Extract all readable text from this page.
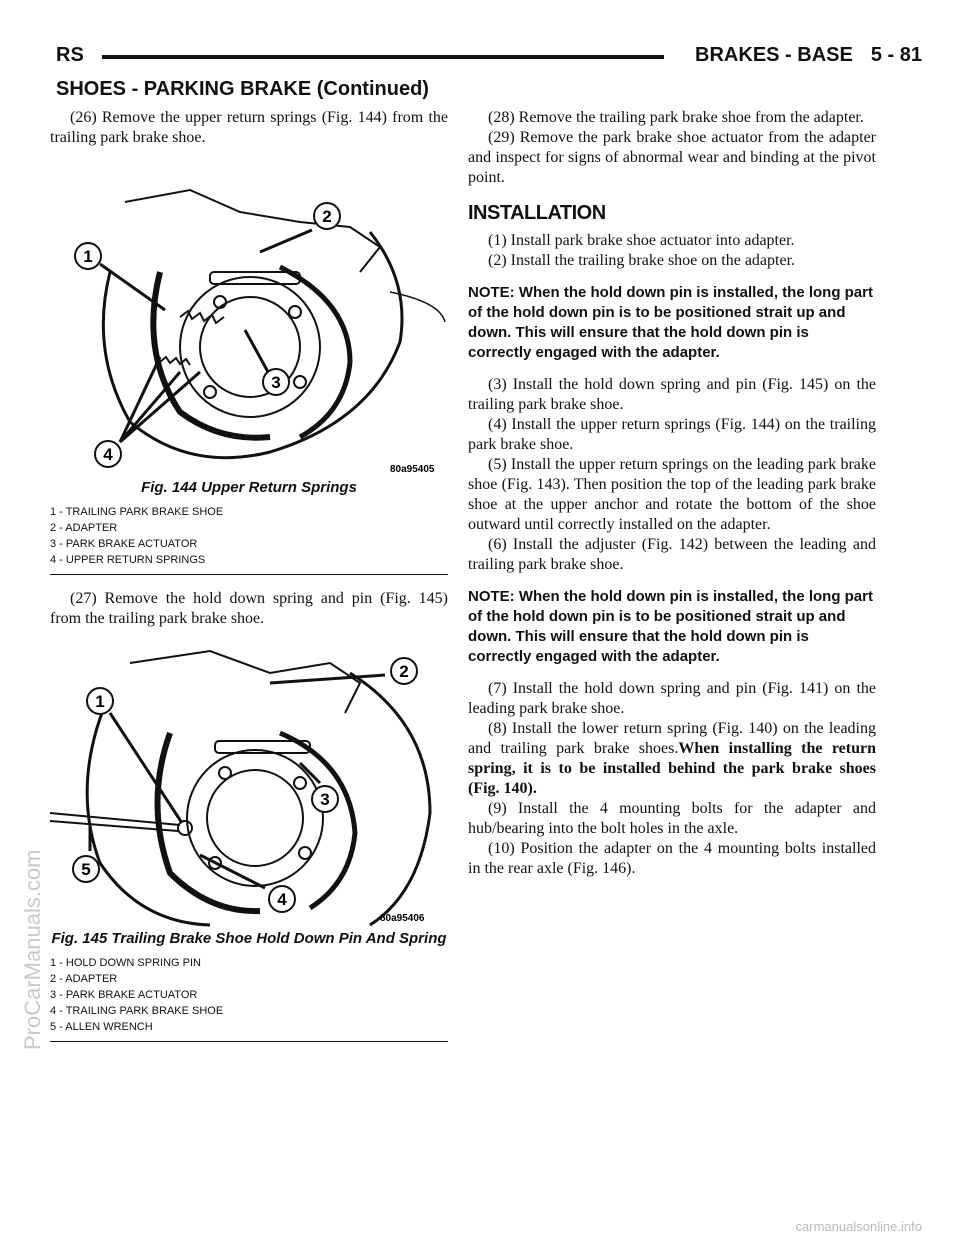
RS	BRAKES - BASE 5 - 81
SHOES - PARKING BRAKE (Continued)

(26) Remove the upper return springs (Fig. 144) from the trailing park brake shoe.

1
2
3
4
80a95405
Fig. 144 Upper Return Springs
1 - TRAILING PARK BRAKE SHOE
2 - ADAPTER
3 - PARK BRAKE ACTUATOR
4 - UPPER RETURN SPRINGS

(27) Remove the hold down spring and pin (Fig. 145) from the trailing park brake shoe.

1
2
3
4
5
80a95406
Fig. 145 Trailing Brake Shoe Hold Down Pin And Spring
1 - HOLD DOWN SPRING PIN
2 - ADAPTER
3 - PARK BRAKE ACTUATOR
4 - TRAILING PARK BRAKE SHOE
5 - ALLEN WRENCH

(28) Remove the trailing park brake shoe from the adapter.

(29) Remove the park brake shoe actuator from the adapter and inspect for signs of abnormal wear and binding at the pivot point.

INSTALLATION

(1) Install park brake shoe actuator into adapter.

(2) Install the trailing brake shoe on the adapter.

NOTE: When the hold down pin is installed, the long part of the hold down pin is to be positioned strait up and down. This will ensure that the hold down pin is correctly engaged with the adapter.

(3) Install the hold down spring and pin (Fig. 145) on the trailing park brake shoe.

(4) Install the upper return springs (Fig. 144) on the trailing park brake shoe.

(5) Install the upper return springs on the leading park brake shoe (Fig. 143). Then position the top of the leading park brake shoe at the upper anchor and rotate the bottom of the shoe outward until correctly installed on the adapter.

(6) Install the adjuster (Fig. 142) between the leading and trailing park brake shoe.

NOTE: When the hold down pin is installed, the long part of the hold down pin is to be positioned strait up and down. This will ensure that the hold down pin is correctly engaged with the adapter.

(7) Install the hold down spring and pin (Fig. 141) on the leading park brake shoe.

(8) Install the lower return spring (Fig. 140) on the leading and trailing park brake shoes.When installing the return spring, it is to be installed behind the park brake shoes (Fig. 140).

(9) Install the 4 mounting bolts for the adapter and hub/bearing into the bolt holes in the axle.

(10) Position the adapter on the 4 mounting bolts installed in the rear axle (Fig. 146).

ProCarManuals.com
carmanualsonline.info
